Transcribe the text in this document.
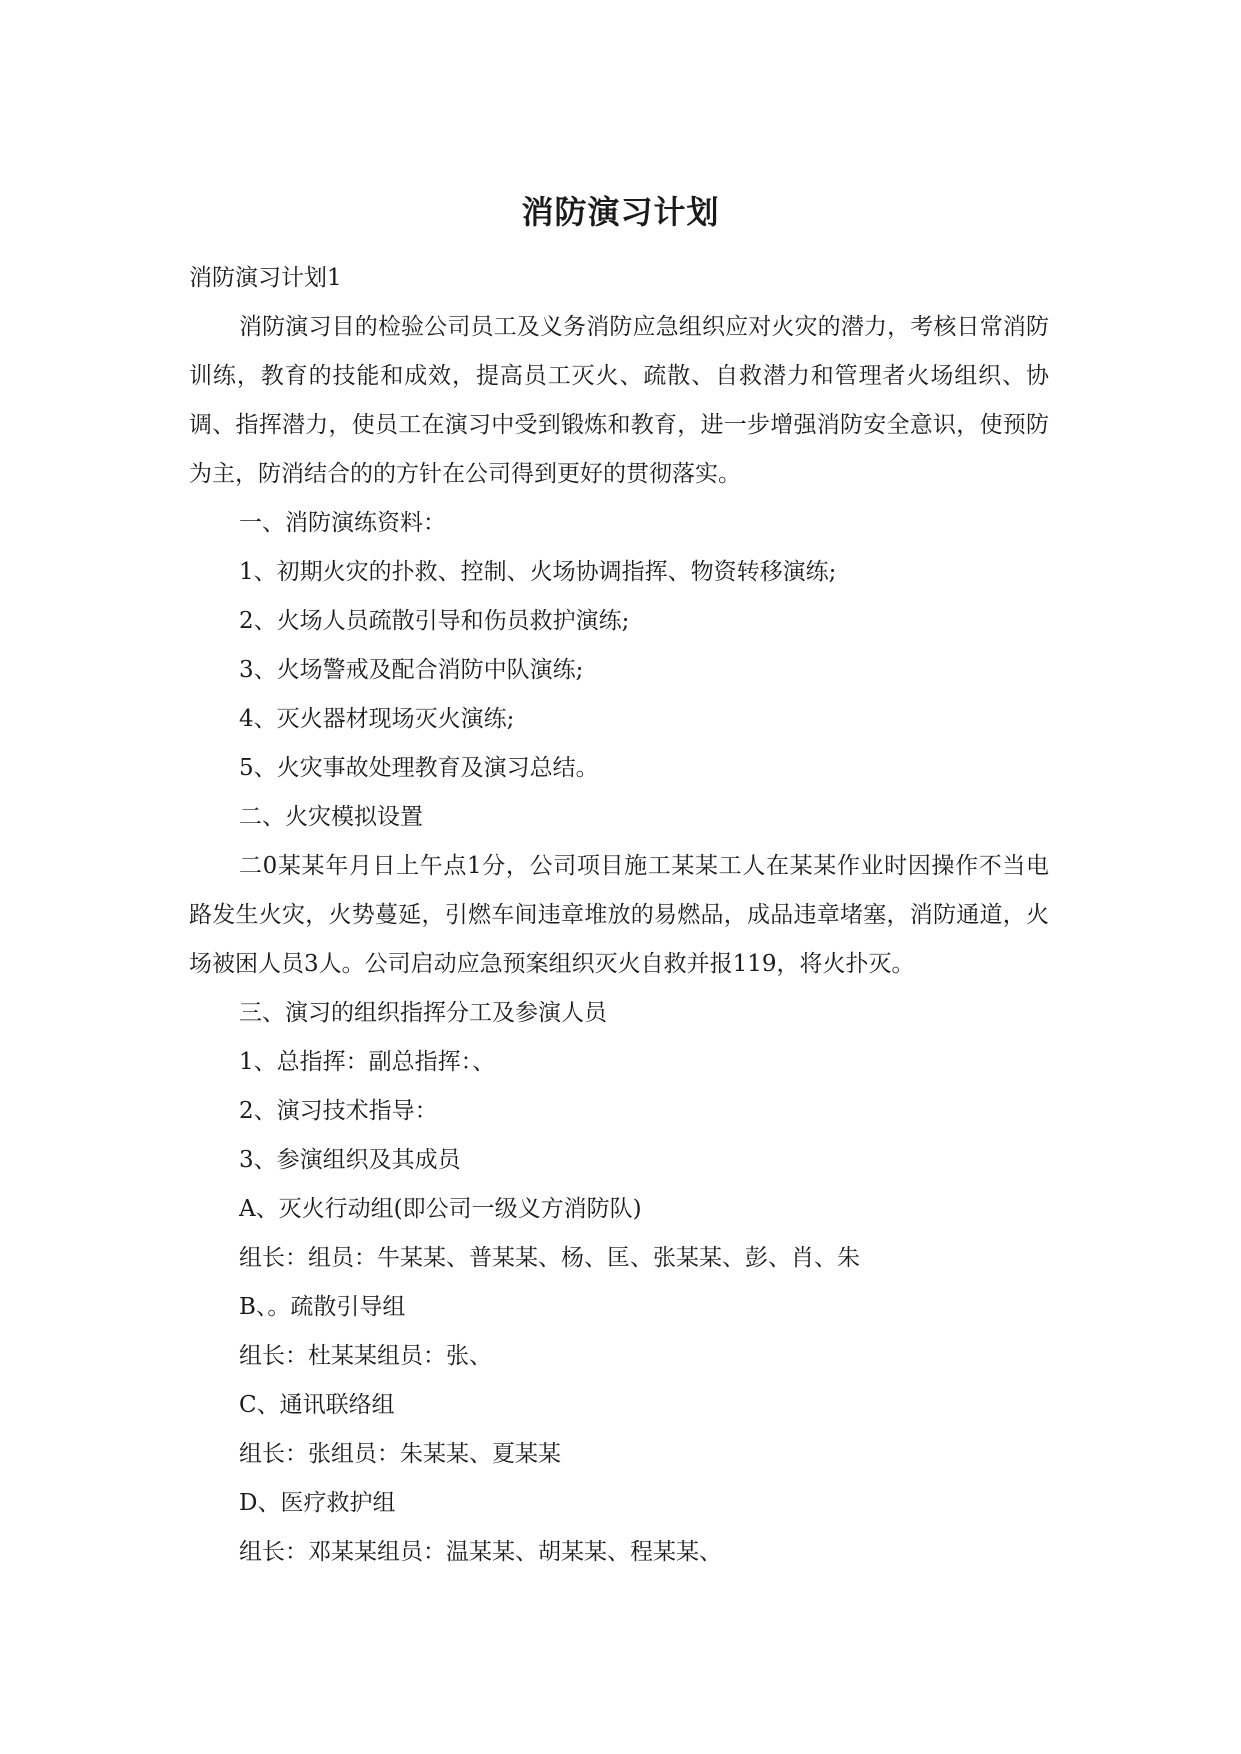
消防演习计划

消防演习计划1

消防演习目的检验公司员工及义务消防应急组织应对火灾的潜力，考核日常消防训练，教育的技能和成效，提高员工灭火、疏散、自救潜力和管理者火场组织、协调、指挥潜力，使员工在演习中受到锻炼和教育，进一步增强消防安全意识，使预防为主，防消结合的的方针在公司得到更好的贯彻落实。

一、消防演练资料：

1、初期火灾的扑救、控制、火场协调指挥、物资转移演练;

2、火场人员疏散引导和伤员救护演练;

3、火场警戒及配合消防中队演练;

4、灭火器材现场灭火演练;

5、火灾事故处理教育及演习总结。

二、火灾模拟设置

二0某某年月日上午点1分，公司项目施工某某工人在某某作业时因操作不当电路发生火灾，火势蔓延，引燃车间违章堆放的易燃品，成品违章堵塞，消防通道，火场被困人员3人。公司启动应急预案组织灭火自救并报119，将火扑灭。

三、演习的组织指挥分工及参演人员

1、总指挥：副总指挥：、

2、演习技术指导：

3、参演组织及其成员

A、灭火行动组(即公司一级义方消防队)

组长：组员：牛某某、普某某、杨、匡、张某某、彭、肖、朱

B、。疏散引导组

组长：杜某某组员：张、

C、通讯联络组

组长：张组员：朱某某、夏某某

D、医疗救护组

组长：邓某某组员：温某某、胡某某、程某某、
